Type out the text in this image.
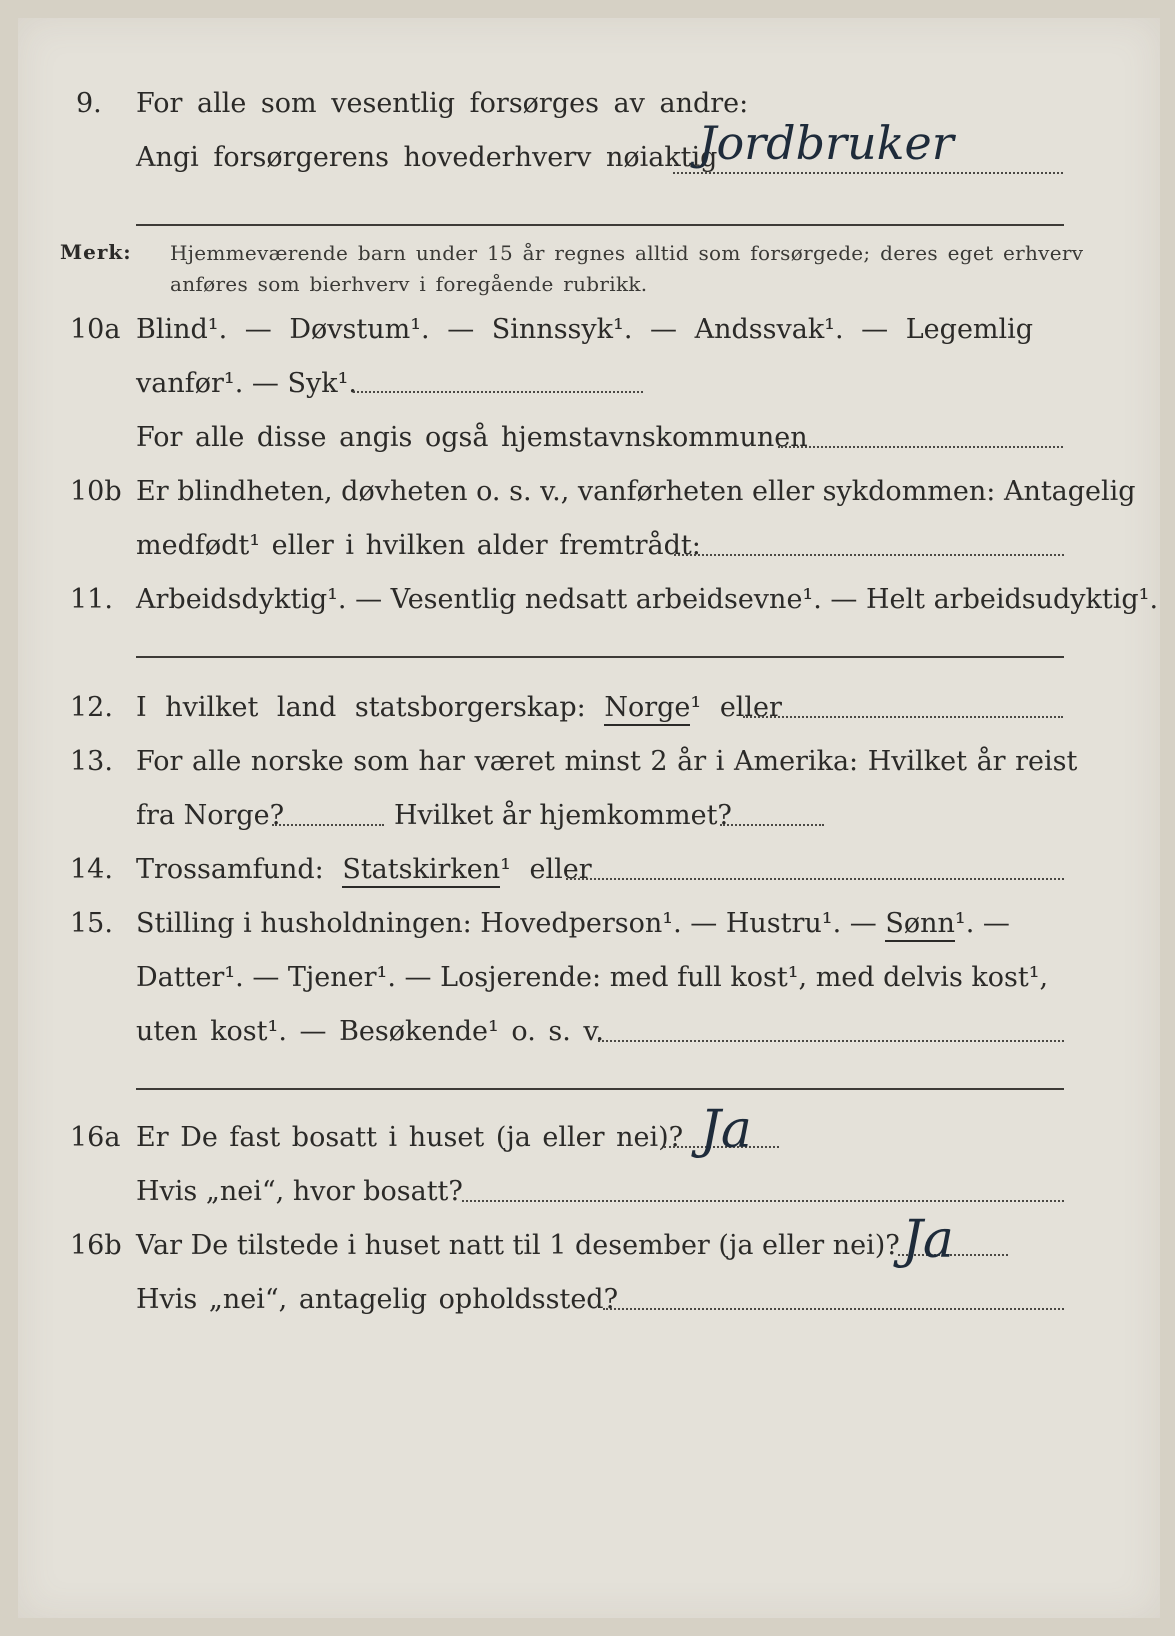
9. For alle som vesentlig forsørges av andre:
Angi forsørgerens hovederhverv nøiaktig
Jordbruker
Merk: Hjemmeværende barn under 15 år regnes alltid som forsørgede; deres eget erhverv
anføres som bierhverv i foregående rubrikk.
10a Blind¹. — Døvstum¹. — Sinnssyk¹. — Andssvak¹. — Legemlig
vanfør¹. — Syk¹.
For alle disse angis også hjemstavnskommunen
10b Er blindheten, døvheten o. s. v., vanførheten eller sykdommen: Antagelig
medfødt¹ eller i hvilken alder fremtrådt:
11. Arbeidsdyktig¹. — Vesentlig nedsatt arbeidsevne¹. — Helt arbeidsudyktig¹.
12. I hvilket land statsborgerskap: Norge¹ eller
13. For alle norske som har været minst 2 år i Amerika: Hvilket år reist
fra Norge?	Hvilket år hjemkommet?
14. Trossamfund: Statskirken¹ eller
15. Stilling i husholdningen: Hovedperson¹. — Hustru¹. — Sønn¹. —
Datter¹. — Tjener¹. — Losjerende: med full kost¹, med delvis kost¹,
uten kost¹. — Besøkende¹ o. s. v.
16a Er De fast bosatt i huset (ja eller nei)? Ja
Hvis „nei“, hvor bosatt?
16b Var De tilstede i huset natt til 1 desember (ja eller nei)? Ja
Hvis „nei“, antagelig opholdssted?
